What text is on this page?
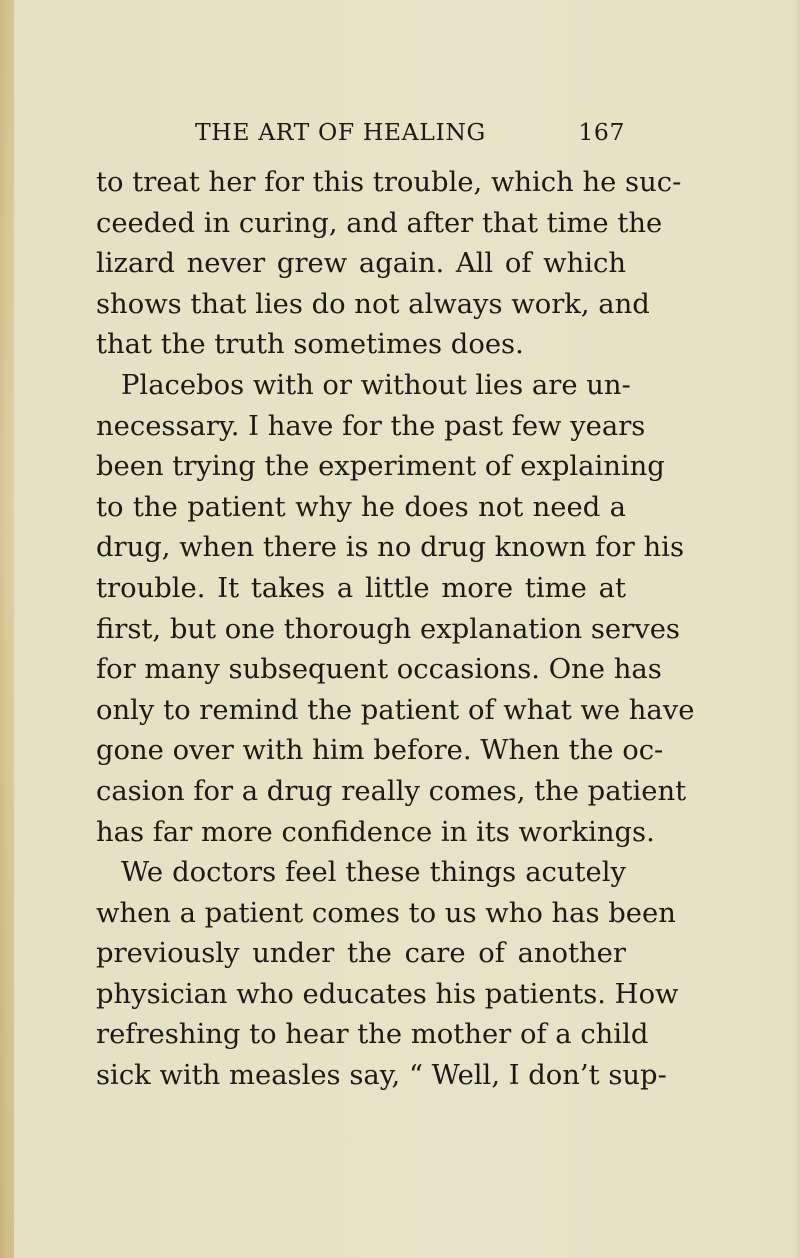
THE ART OF HEALING	167
to treat her for this trouble, which he suc-
ceeded in curing, and after that time the
lizard never grew again. All of which
shows that lies do not always work, and
that the truth sometimes does.
Placebos with or without lies are un-
necessary. I have for the past few years
been trying the experiment of explaining
to the patient why he does not need a
drug, when there is no drug known for his
trouble. It takes a little more time at
first, but one thorough explanation serves
for many subsequent occasions. One has
only to remind the patient of what we have
gone over with him before. When the oc-
casion for a drug really comes, the patient
has far more confidence in its workings.
We doctors feel these things acutely
when a patient comes to us who has been
previously under the care of another
physician who educates his patients. How
refreshing to hear the mother of a child
sick with measles say, “ Well, I don’t sup-
